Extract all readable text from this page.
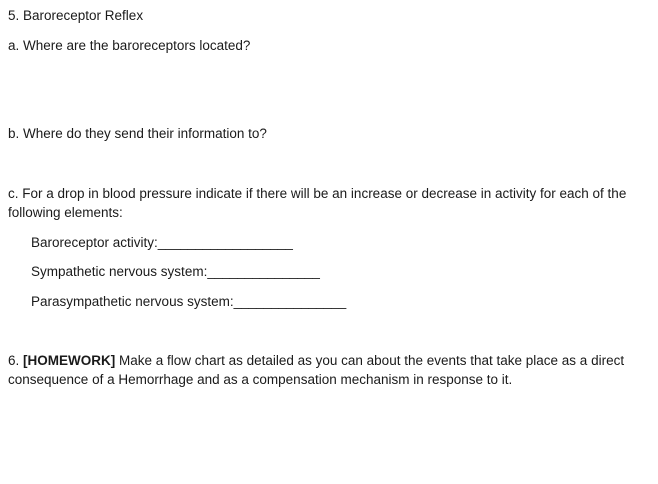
5. Baroreceptor Reflex
a. Where are the baroreceptors located?
b. Where do they send their information to?
c. For a drop in blood pressure indicate if there will be an increase or decrease in activity for each of the following elements:
Baroreceptor activity:__________________
Sympathetic nervous system:_______________
Parasympathetic nervous system:_______________
6. [HOMEWORK] Make a flow chart as detailed as you can about the events that take place as a direct consequence of a Hemorrhage and as a compensation mechanism in response to it.
